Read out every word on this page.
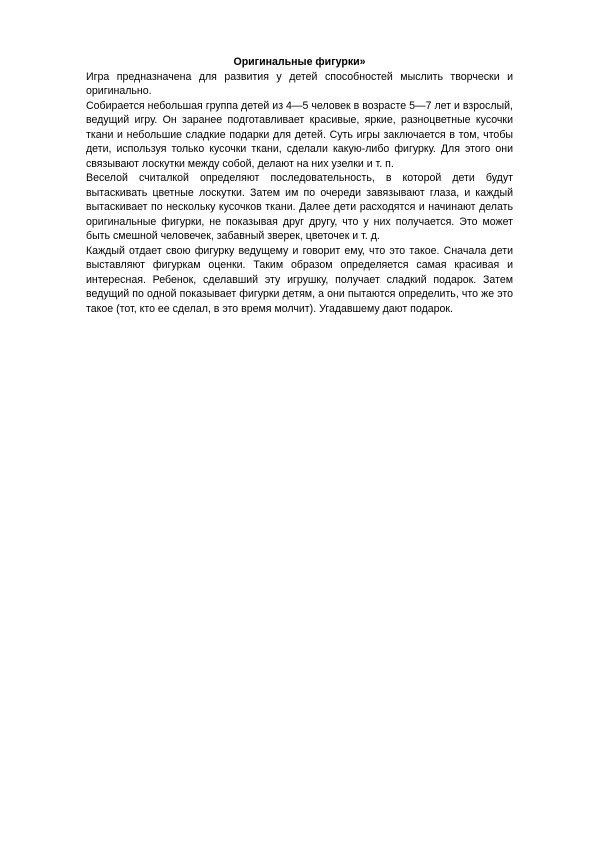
Оригинальные фигурки»

Игра предназначена для развития у детей способностей мыслить творчески и оригинально.

Собирается небольшая группа детей из 4—5 человек в возрасте 5—7 лет и взрослый, ведущий игру. Он заранее подготавливает красивые, яркие, разноцветные кусочки ткани и небольшие сладкие подарки для детей. Суть игры заключается в том, чтобы дети, используя только кусочки ткани, сделали какую-либо фигурку. Для этого они связывают лоскутки между собой, делают на них узелки и т. п.

Веселой считалкой определяют последовательность, в которой дети будут вытаскивать цветные лоскутки. Затем им по очереди завязывают глаза, и каждый вытаскивает по нескольку кусочков ткани. Далее дети расходятся и начинают делать оригинальные фигурки, не показывая друг другу, что у них получается. Это может быть смешной человечек, забавный зверек, цветочек и т. д.

Каждый отдает свою фигурку ведущему и говорит ему, что это такое. Сначала дети выставляют фигуркам оценки. Таким образом определяется самая красивая и интересная. Ребенок, сделавший эту игрушку, получает сладкий подарок. Затем ведущий по одной показывает фигурки детям, а они пытаются определить, что же это такое (тот, кто ее сделал, в это время молчит). Угадавшему дают подарок.
